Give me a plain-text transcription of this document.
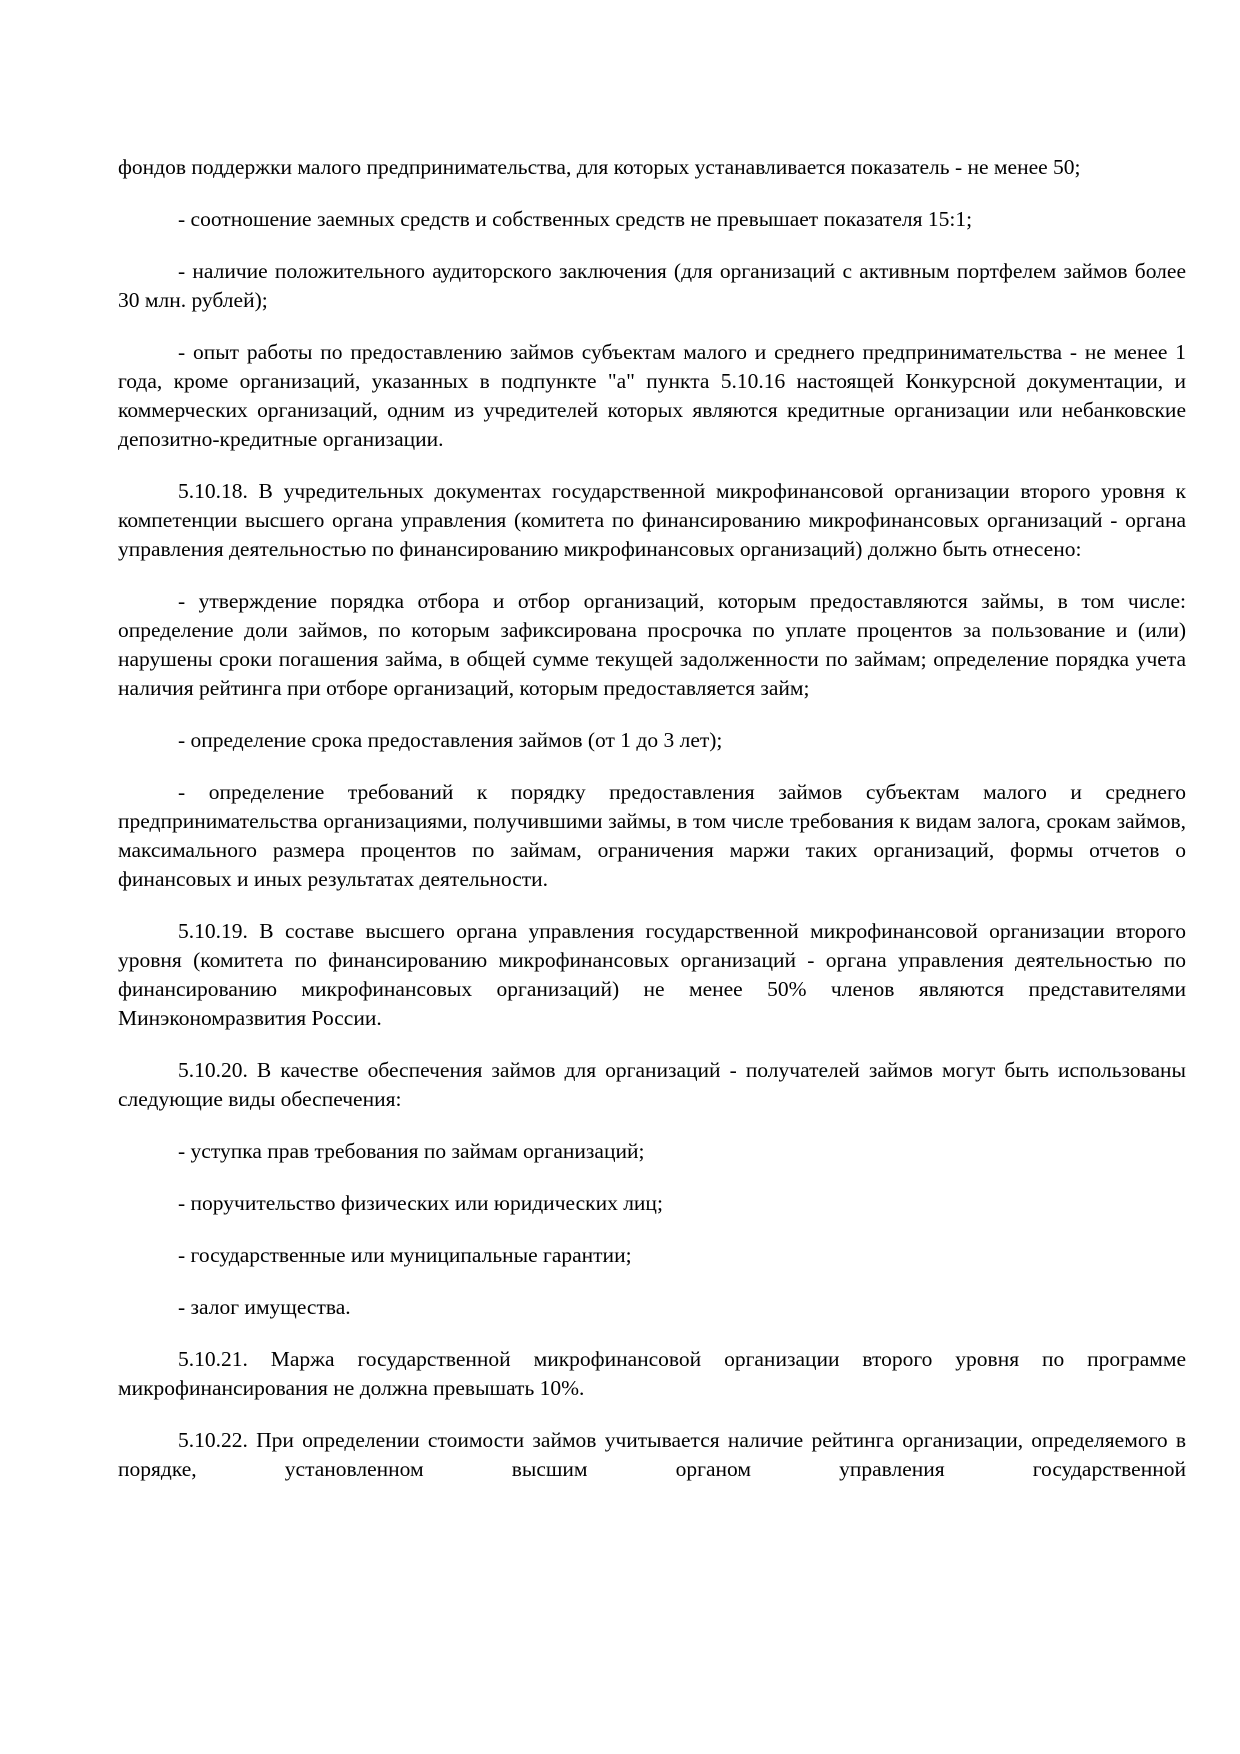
фондов поддержки малого предпринимательства, для которых устанавливается показатель - не менее 50;

- соотношение заемных средств и собственных средств не превышает показателя 15:1;

- наличие положительного аудиторского заключения (для организаций с активным портфелем займов более 30 млн. рублей);

- опыт работы по предоставлению займов субъектам малого и среднего предпринимательства - не менее 1 года, кроме организаций, указанных в подпункте "а" пункта 5.10.16 настоящей Конкурсной документации, и коммерческих организаций, одним из учредителей которых являются кредитные организации или небанковские депозитно-кредитные организации.

5.10.18. В учредительных документах государственной микрофинансовой организации второго уровня к компетенции высшего органа управления (комитета по финансированию микрофинансовых организаций - органа управления деятельностью по финансированию микрофинансовых организаций) должно быть отнесено:

- утверждение порядка отбора и отбор организаций, которым предоставляются займы, в том числе: определение доли займов, по которым зафиксирована просрочка по уплате процентов за пользование и (или) нарушены сроки погашения займа, в общей сумме текущей задолженности по займам; определение порядка учета наличия рейтинга при отборе организаций, которым предоставляется займ;

- определение срока предоставления займов (от 1 до 3 лет);

- определение требований к порядку предоставления займов субъектам малого и среднего предпринимательства организациями, получившими займы, в том числе требования к видам залога, срокам займов, максимального размера процентов по займам, ограничения маржи таких организаций, формы отчетов о финансовых и иных результатах деятельности.

5.10.19. В составе высшего органа управления государственной микрофинансовой организации второго уровня (комитета по финансированию микрофинансовых организаций - органа управления деятельностью по финансированию микрофинансовых организаций) не менее 50% членов являются представителями Минэкономразвития России.

5.10.20. В качестве обеспечения займов для организаций - получателей займов могут быть использованы следующие виды обеспечения:

- уступка прав требования по займам организаций;

- поручительство физических или юридических лиц;

- государственные или муниципальные гарантии;

- залог имущества.

5.10.21. Маржа государственной микрофинансовой организации второго уровня по программе микрофинансирования не должна превышать 10%.

5.10.22. При определении стоимости займов учитывается наличие рейтинга организации, определяемого в порядке, установленном высшим органом управления государственной
